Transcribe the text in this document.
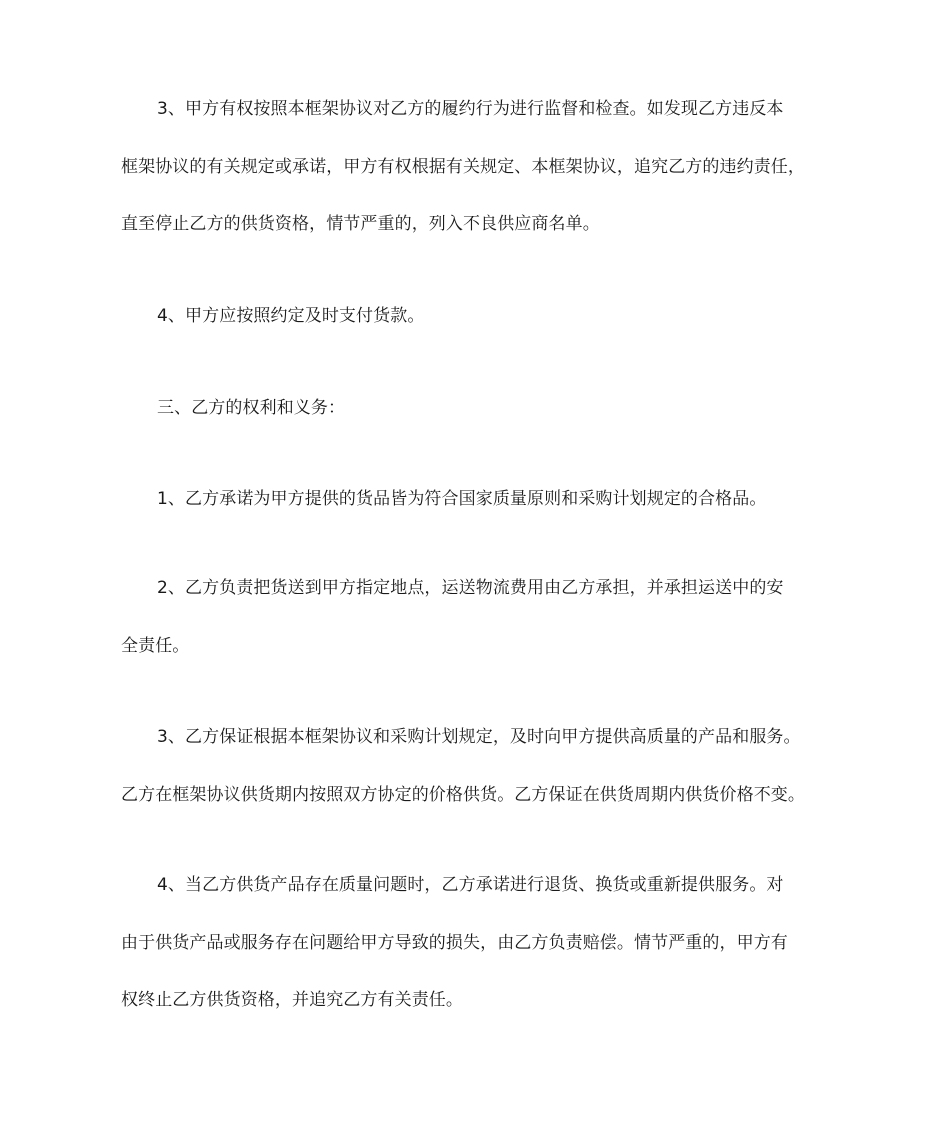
3、甲方有权按照本框架协议对乙方的履约行为进行监督和检查。如发现乙方违反本
框架协议的有关规定或承诺，甲方有权根据有关规定、本框架协议，追究乙方的违约责任，
直至停止乙方的供货资格，情节严重的，列入不良供应商名单。
4、甲方应按照约定及时支付货款。
三、乙方的权利和义务：
1、乙方承诺为甲方提供的货品皆为符合国家质量原则和采购计划规定的合格品。
2、乙方负责把货送到甲方指定地点，运送物流费用由乙方承担，并承担运送中的安
全责任。
3、乙方保证根据本框架协议和采购计划规定，及时向甲方提供高质量的产品和服务。
乙方在框架协议供货期内按照双方协定的价格供货。乙方保证在供货周期内供货价格不变。
4、当乙方供货产品存在质量问题时，乙方承诺进行退货、换货或重新提供服务。对
由于供货产品或服务存在问题给甲方导致的损失，由乙方负责赔偿。情节严重的，甲方有
权终止乙方供货资格，并追究乙方有关责任。
